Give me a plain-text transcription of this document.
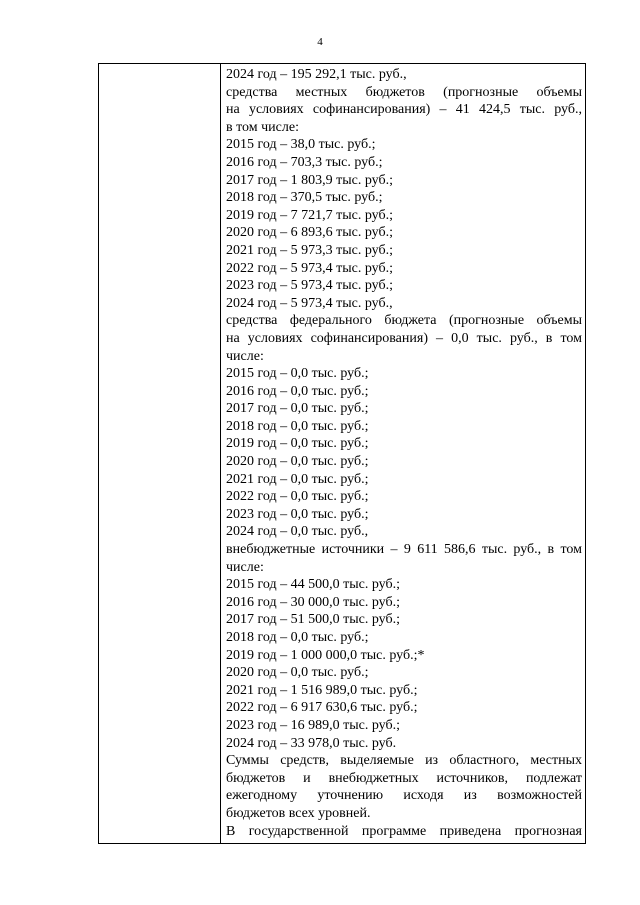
4
2024 год – 195 292,1 тыс. руб.,
средства местных бюджетов (прогнозные объемы
на условиях софинансирования) – 41 424,5 тыс. руб.,
в том числе:
2015 год – 38,0 тыс. руб.;
2016 год – 703,3 тыс. руб.;
2017 год – 1 803,9 тыс. руб.;
2018 год – 370,5 тыс. руб.;
2019 год – 7 721,7 тыс. руб.;
2020 год – 6 893,6 тыс. руб.;
2021 год – 5 973,3 тыс. руб.;
2022 год – 5 973,4 тыс. руб.;
2023 год – 5 973,4 тыс. руб.;
2024 год – 5 973,4 тыс. руб.,
средства федерального бюджета (прогнозные объемы
на условиях софинансирования) – 0,0 тыс. руб., в том
числе:
2015 год – 0,0 тыс. руб.;
2016 год – 0,0 тыс. руб.;
2017 год – 0,0 тыс. руб.;
2018 год – 0,0 тыс. руб.;
2019 год – 0,0 тыс. руб.;
2020 год – 0,0 тыс. руб.;
2021 год – 0,0 тыс. руб.;
2022 год – 0,0 тыс. руб.;
2023 год – 0,0 тыс. руб.;
2024 год – 0,0 тыс. руб.,
внебюджетные источники – 9 611 586,6 тыс. руб., в том
числе:
2015 год – 44 500,0 тыс. руб.;
2016 год – 30 000,0 тыс. руб.;
2017 год – 51 500,0 тыс. руб.;
2018 год – 0,0 тыс. руб.;
2019 год – 1 000 000,0 тыс. руб.;*
2020 год – 0,0 тыс. руб.;
2021 год – 1 516 989,0 тыс. руб.;
2022 год – 6 917 630,6 тыс. руб.;
2023 год – 16 989,0 тыс. руб.;
2024 год – 33 978,0 тыс. руб.
Суммы средств, выделяемые из областного, местных
бюджетов и внебюджетных источников, подлежат
ежегодному уточнению исходя из возможностей
бюджетов всех уровней.
В государственной программе приведена прогнозная
